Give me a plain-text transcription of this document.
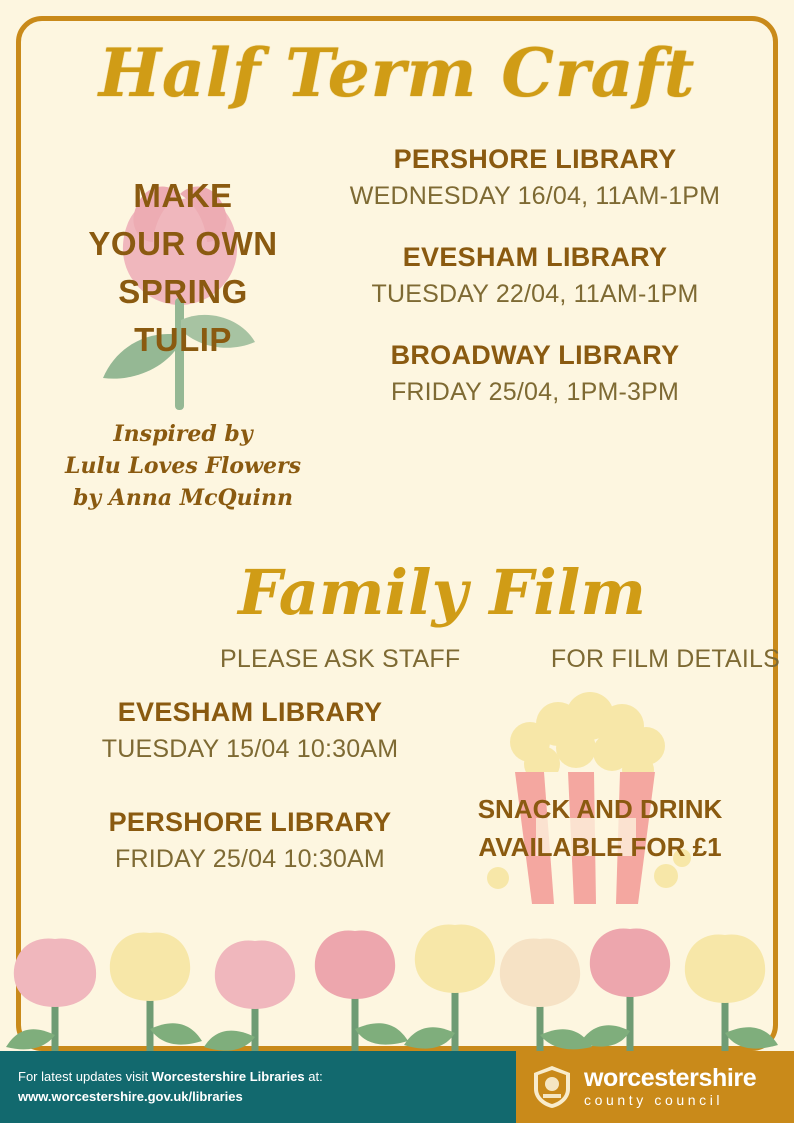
Half Term Craft
MAKE
YOUR OWN
SPRING
TULIP
Inspired by
Lulu Loves Flowers
by Anna McQuinn
PERSHORE LIBRARY
WEDNESDAY 16/04, 11AM-1PM
EVESHAM LIBRARY
TUESDAY 22/04, 11AM-1PM
BROADWAY LIBRARY
FRIDAY 25/04, 1PM-3PM
Family Film
PLEASE ASK STAFF	FOR FILM DETAILS
EVESHAM LIBRARY
TUESDAY 15/04 10:30AM
PERSHORE LIBRARY
FRIDAY 25/04 10:30AM
SNACK AND DRINK
AVAILABLE FOR £1
For latest updates visit Worcestershire Libraries at:
www.worcestershire.gov.uk/libraries
worcestershire
county council
